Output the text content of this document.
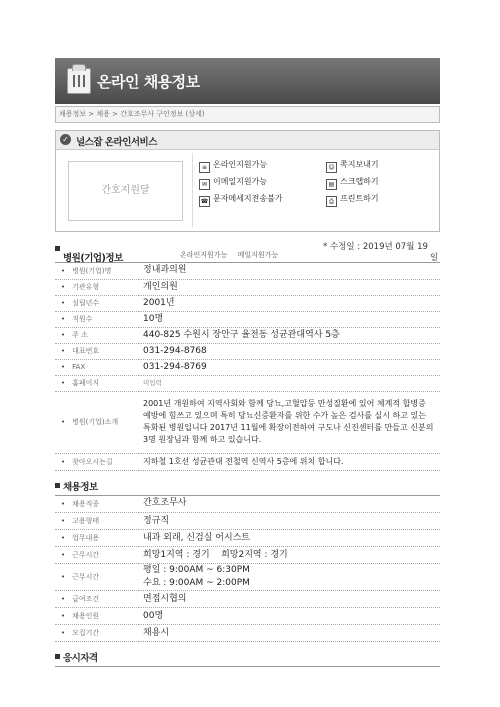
온라인 채용정보
채용정보 > 채용 > 간호조무사 구인정보 (상세)
✓ 널스잡 온라인서비스
간호지원달
≡ 온라인지원가능
✉ 이메일지원가능
☎ 문자메세지전송불가
☺ 쪽지보내기
▤ 스크랩하기
⎙ 프린트하기
병원(기업)정보	온라인지원가능 메일지원가능
* 수정일 : 2019년 07월 19
일
• 병원(기업)명	정내과의원
• 기관유형	개인의원
• 설립년수	2001년
• 직원수	10명
• 주 소	440-825 수원시 장안구 율전동 성균관대역사 5층
• 대표번호	031-294-8768
• FAX	031-294-8769
• 홈페이지	미입력
• 병원(기업)소개	2001년 개원하여 지역사회와 함께 당뇨,고혈압등 만성질환에 있어 체계적 합병증 예방에 힘쓰고 있으며 특히 당뇨신증환자를 위한 수가 높은 검사를 실시 하고 있는 특화된 병원입니다 2017년 11월에 확장이전하여 구도나 신진센터를 만들고 신분의 3명 원장님과 함께 하고 있습니다.
• 찾아오시는길	지하철 1호선 성균관대 전철역 신역사 5층에 위치 합니다.
채용정보
• 채용직종	간호조무사
• 고용형태	정규직
• 업무내용	내과 외래, 신검실 어시스트
• 근무시간	희망1지역 : 경기    희망2지역 : 경기
• 근무시간	평일 : 9:00AM ~ 6:30PM
수요 : 9:00AM ~ 2:00PM

• 급여조건	면접시협의
• 채용인원	00명
• 모집기간	채용시
응시자격
